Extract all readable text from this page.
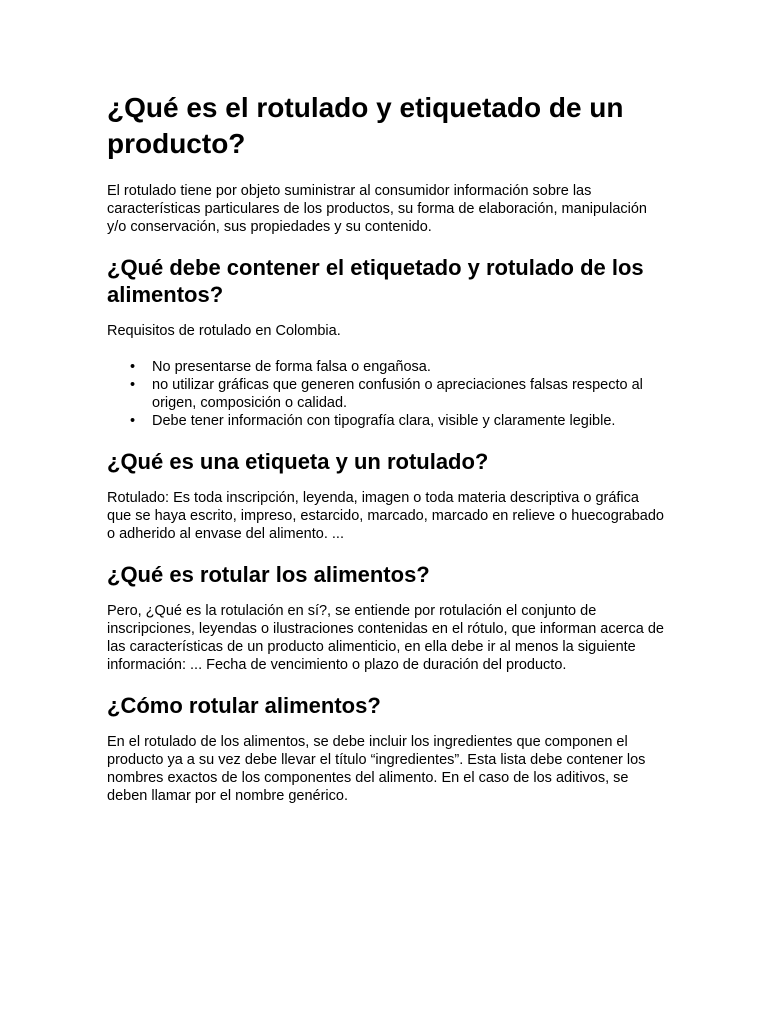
¿Qué es el rotulado y etiquetado de un producto?

El rotulado tiene por objeto suministrar al consumidor información sobre las características particulares de los productos, su forma de elaboración, manipulación y/o conservación, sus propiedades y su contenido.

¿Qué debe contener el etiquetado y rotulado de los alimentos?

Requisitos de rotulado en Colombia.

• No presentarse de forma falsa o engañosa.
• no utilizar gráficas que generen confusión o apreciaciones falsas respecto al origen, composición o calidad.
• Debe tener información con tipografía clara, visible y claramente legible.
¿Qué es una etiqueta y un rotulado?

Rotulado: Es toda inscripción, leyenda, imagen o toda materia descriptiva o gráfica que se haya escrito, impreso, estarcido, marcado, marcado en relieve o huecograbado o adherido al envase del alimento. ...

¿Qué es rotular los alimentos?

Pero, ¿Qué es la rotulación en sí?, se entiende por rotulación el conjunto de inscripciones, leyendas o ilustraciones contenidas en el rótulo, que informan acerca de las características de un producto alimenticio, en ella debe ir al menos la siguiente información: ... Fecha de vencimiento o plazo de duración del producto.

¿Cómo rotular alimentos?

En el rotulado de los alimentos, se debe incluir los ingredientes que componen el producto ya a su vez debe llevar el título “ingredientes”. Esta lista debe contener los nombres exactos de los componentes del alimento. En el caso de los aditivos, se deben llamar por el nombre genérico.
